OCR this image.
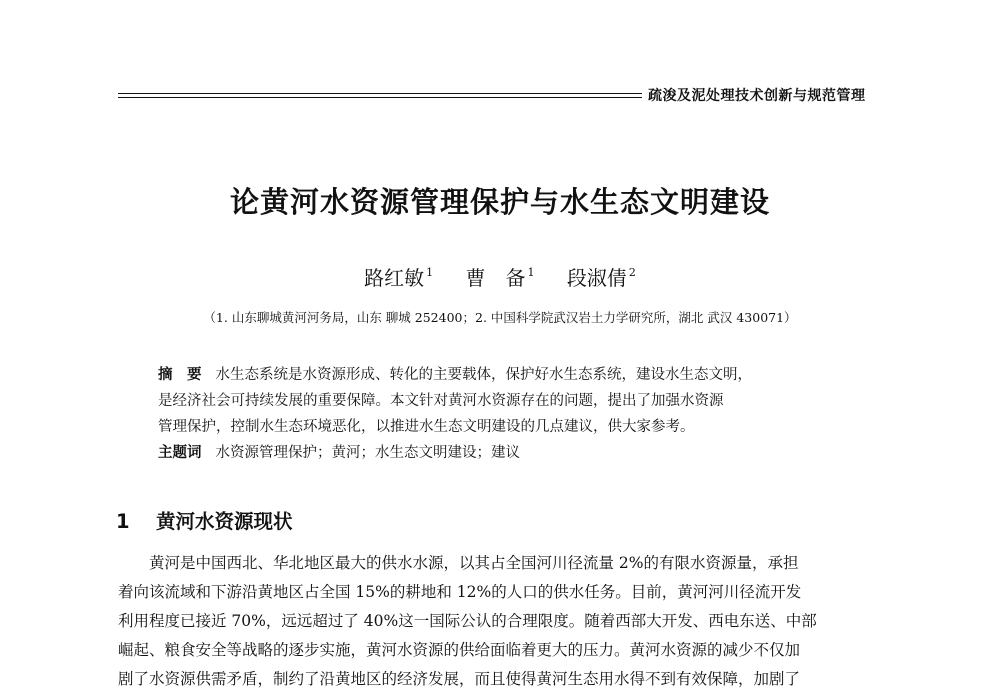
疏浚及泥处理技术创新与规范管理
论黄河水资源管理保护与水生态文明建设
路红敏 $^1$ 曹　备 $^1$ 段淑倩 $^2$
（1. 山东聊城黄河河务局，山东 聊城 252400；2. 中国科学院武汉岩土力学研究所，湖北 武汉 430071）

摘　要 水生态系统是水资源形成、转化的主要载体，保护好水生态系统，建设水生态文明，

是经济社会可持续发展的重要保障。本文针对黄河水资源存在的问题，提出了加强水资源

管理保护，控制水生态环境恶化，以推进水生态文明建设的几点建议，供大家参考。

主题词 水资源管理保护；黄河；水生态文明建设；建议
1 黄河水资源现状

　　黄河是中国西北、华北地区最大的供水水源，以其占全国河川径流量 2%的有限水资源量，承担

着向该流域和下游沿黄地区占全国 15%的耕地和 12%的人口的供水任务。目前，黄河河川径流开发

利用程度已接近 70%，远远超过了 40%这一国际公认的合理限度。随着西部大开发、西电东送、中部

崛起、粮食安全等战略的逐步实施，黄河水资源的供给面临着更大的压力。黄河水资源的减少不仅加

剧了水资源供需矛盾，制约了沿黄地区的经济发展，而且使得黄河生态用水得不到有效保障，加剧了
